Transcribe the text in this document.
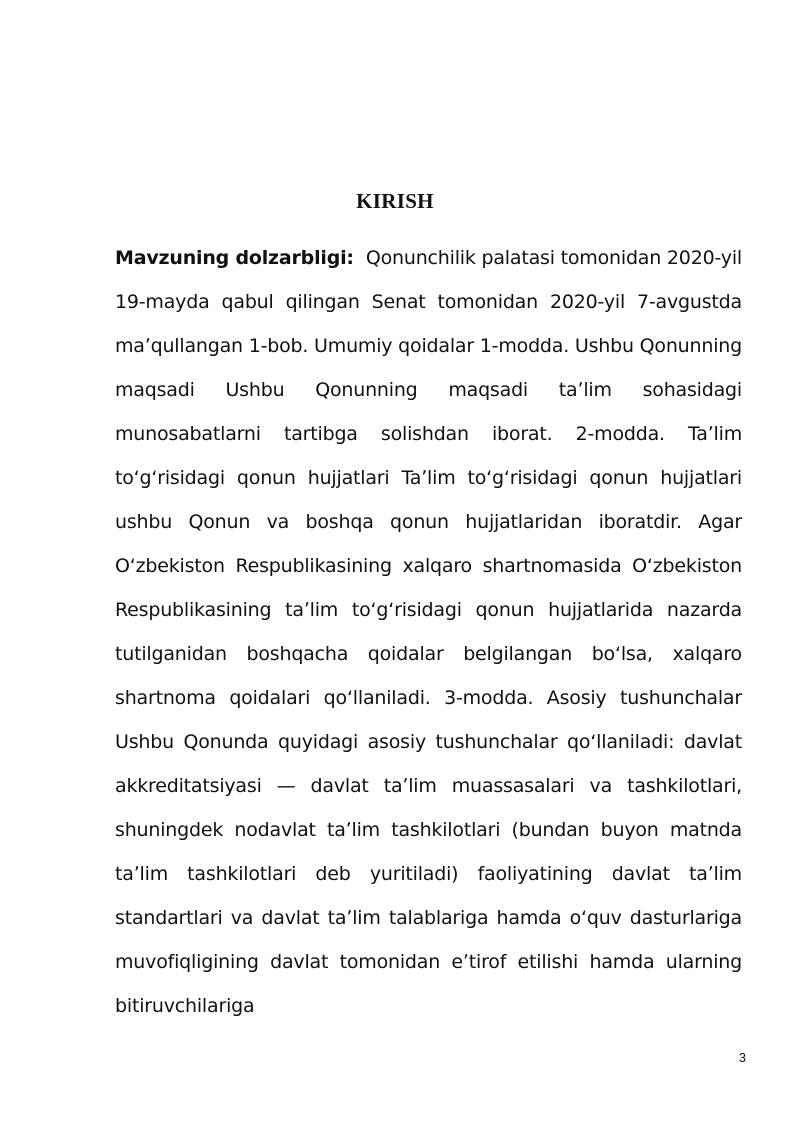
KIRISH

Mavzuning dolzarbligi: Qonunchilik palatasi tomonidan 2020-yil 19-mayda qabul qilingan Senat tomonidan 2020-yil 7-avgustda maʼqullangan 1-bob. Umumiy qoidalar 1-modda. Ushbu Qonunning maqsadi Ushbu Qonunning maqsadi taʼlim sohasidagi munosabatlarni tartibga solishdan iborat. 2-modda. Taʼlim toʻgʻrisidagi qonun hujjatlari Taʼlim toʻgʻrisidagi qonun hujjatlari ushbu Qonun va boshqa qonun hujjatlaridan iboratdir. Agar Oʻzbekiston Respublikasining xalqaro shartnomasida Oʻzbekiston Respublikasining taʼlim toʻgʻrisidagi qonun hujjatlarida nazarda tutilganidan boshqacha qoidalar belgilangan boʻlsa, xalqaro shartnoma qoidalari qoʻllaniladi. 3-modda. Asosiy tushunchalar Ushbu Qonunda quyidagi asosiy tushunchalar qoʻllaniladi: davlat akkreditatsiyasi — davlat taʼlim muassasalari va tashkilotlari, shuningdek nodavlat taʼlim tashkilotlari (bundan buyon matnda taʼlim tashkilotlari deb yuritiladi) faoliyatining davlat taʼlim standartlari va davlat taʼlim talablariga hamda oʻquv dasturlariga muvofiqligining davlat tomonidan eʼtirof etilishi hamda ularning bitiruvchilariga

3
